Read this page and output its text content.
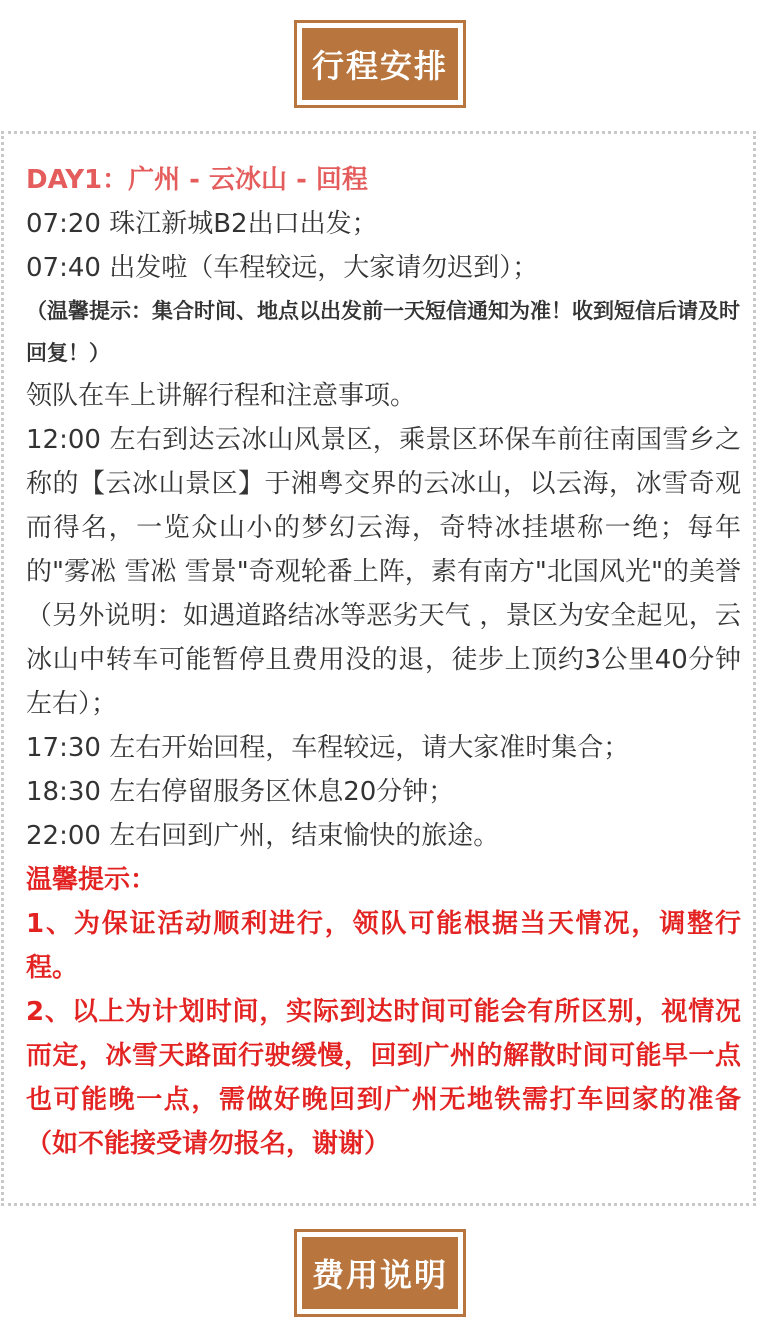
行程安排
DAY1：广州 - 云冰山 - 回程
07:20 珠江新城B2出口出发；
07:40 出发啦（车程较远，大家请勿迟到）；
（温馨提示：集合时间、地点以出发前一天短信通知为准！收到短信后请及时回复！）
领队在车上讲解行程和注意事项。
12:00 左右到达云冰山风景区，乘景区环保车前往南国雪乡之称的【云冰山景区】于湘粤交界的云冰山，以云海，冰雪奇观而得名，一览众山小的梦幻云海，奇特冰挂堪称一绝；每年的"雾凇 雪凇 雪景"奇观轮番上阵，素有南方"北国风光"的美誉（另外说明：如遇道路结冰等恶劣天气 ，景区为安全起见，云冰山中转车可能暂停且费用没的退，徒步上顶约3公里40分钟左右）；
17:30 左右开始回程，车程较远，请大家准时集合；
18:30 左右停留服务区休息20分钟；
22:00 左右回到广州，结束愉快的旅途。
温馨提示：
1、为保证活动顺利进行，领队可能根据当天情况，调整行程。
2、以上为计划时间，实际到达时间可能会有所区别，视情况而定，冰雪天路面行驶缓慢，回到广州的解散时间可能早一点也可能晚一点，需做好晚回到广州无地铁需打车回家的准备（如不能接受请勿报名，谢谢）
费用说明
